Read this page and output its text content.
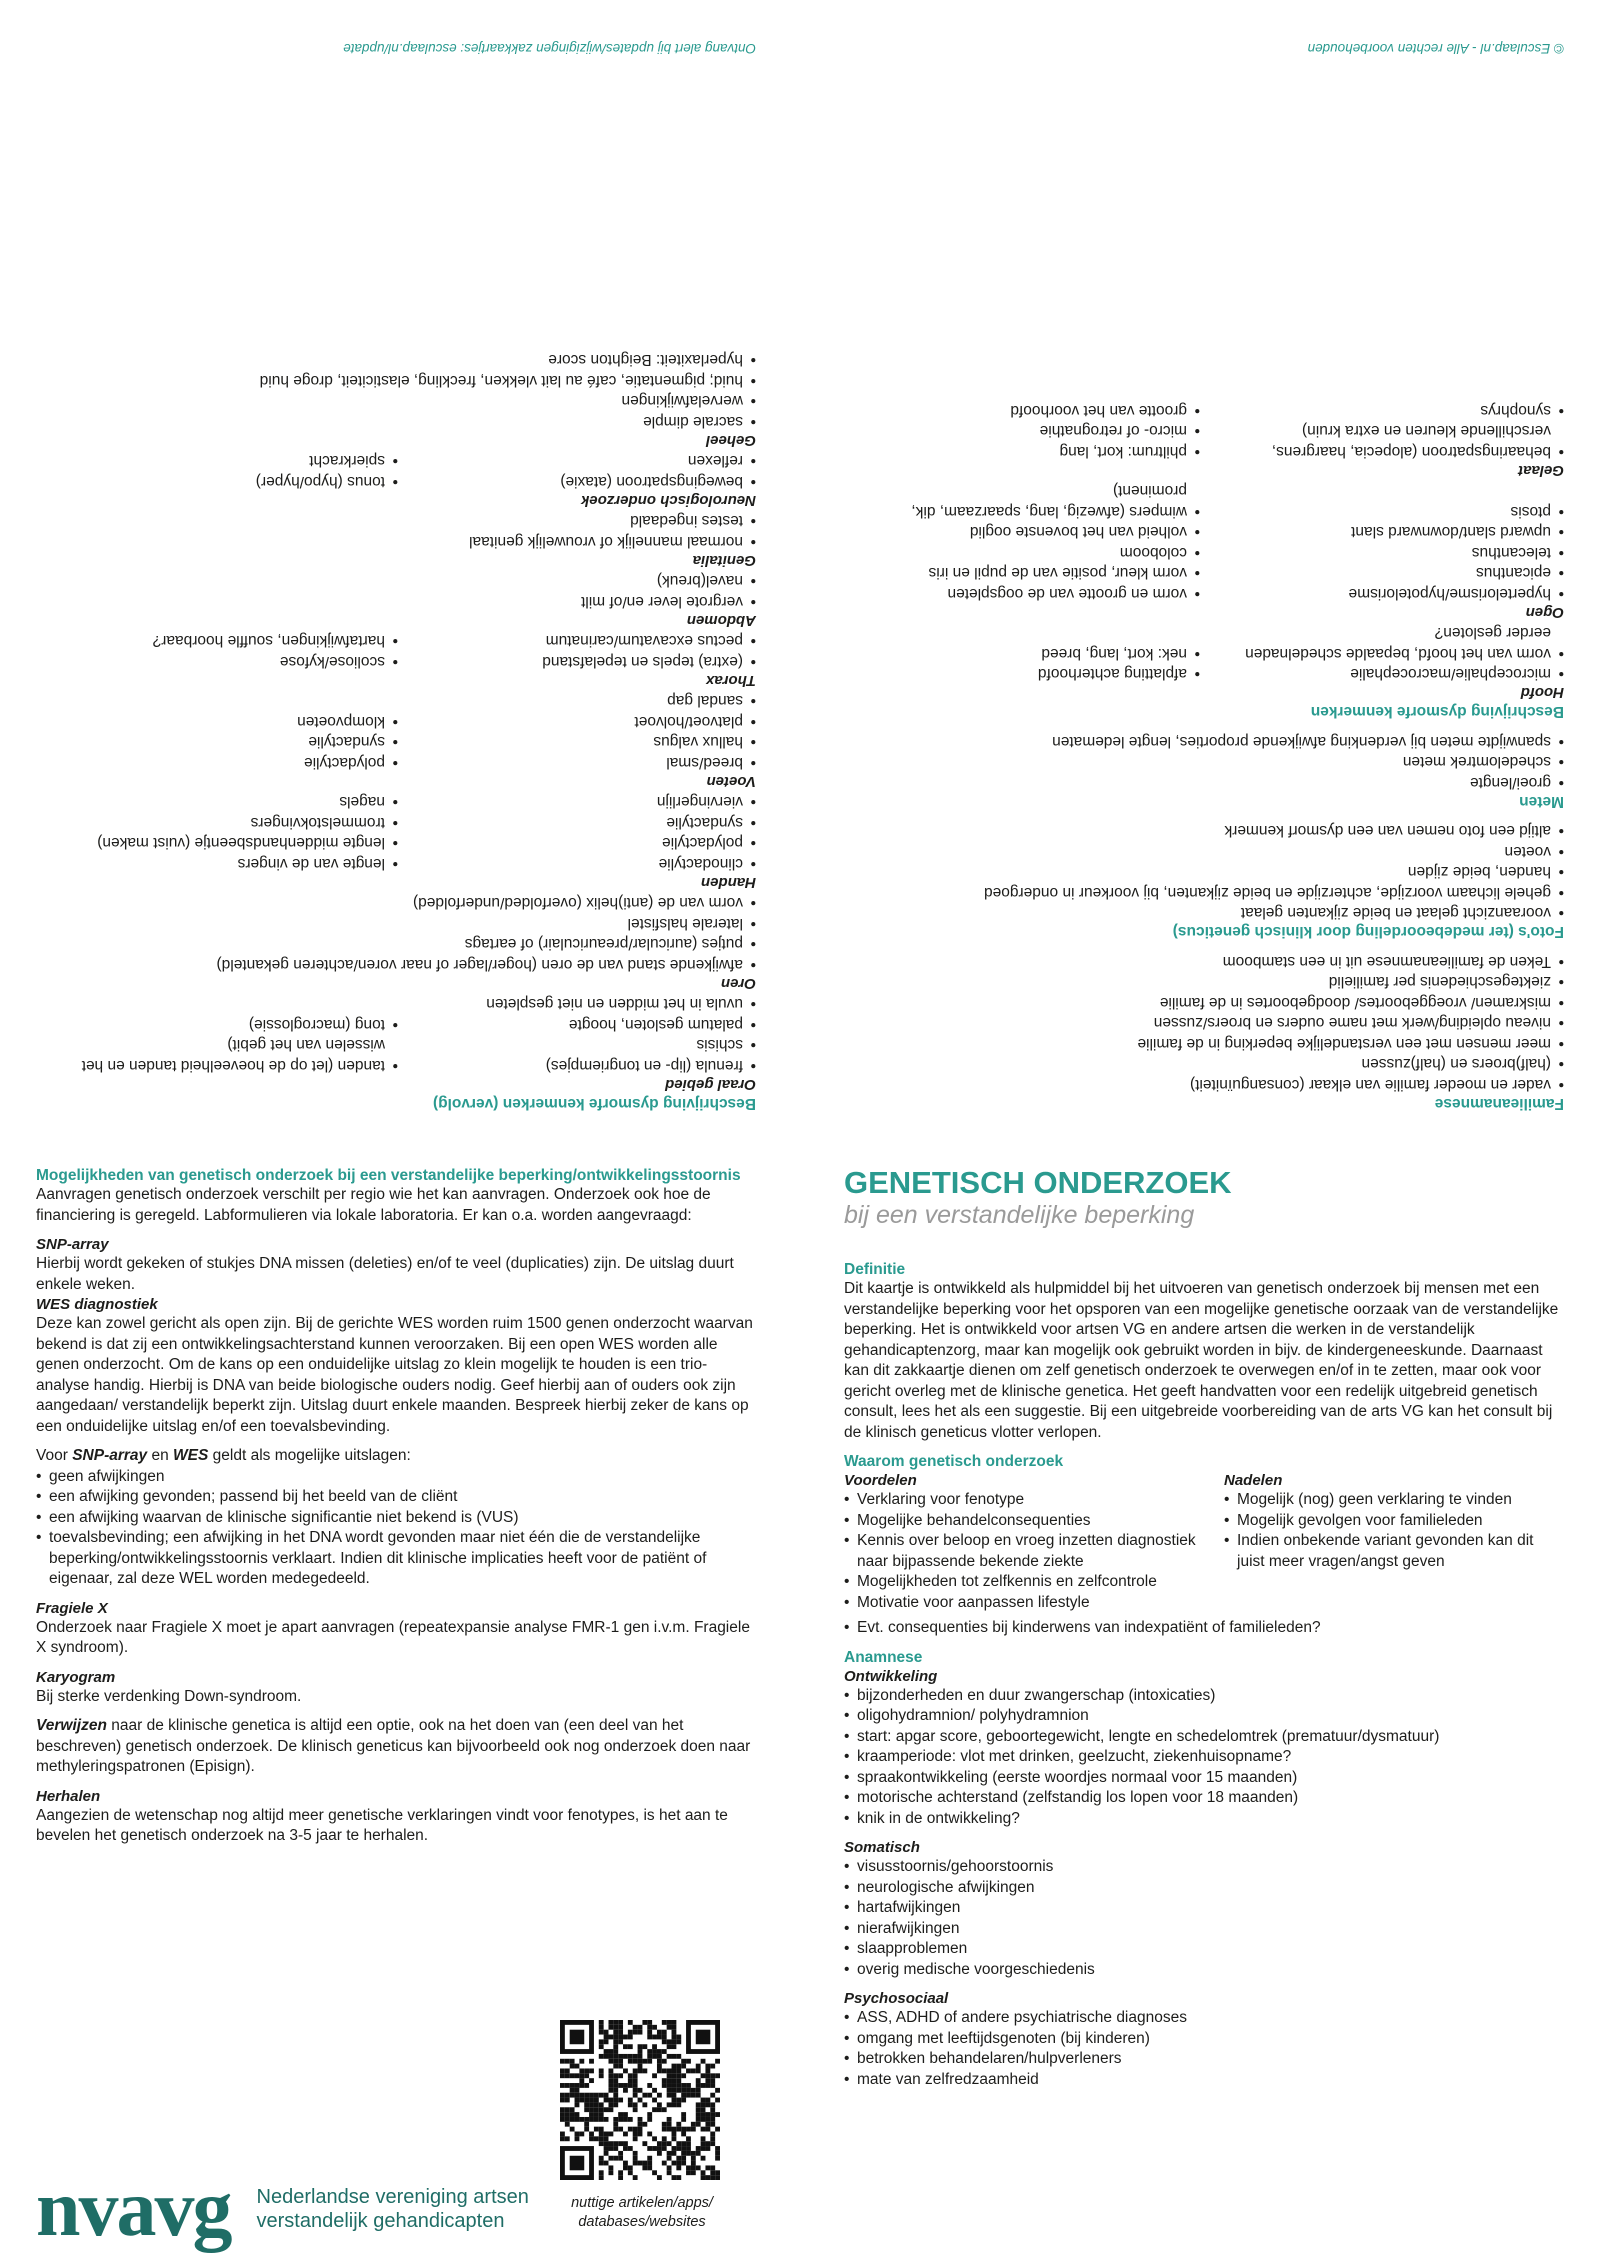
Familieanamnese

• vader en moeder familie van elkaar (consanguïniteit)
• (half)broers en (half)zussen
• meer mensen met een verstandelijke beperking in de familie
• niveau opleiding/werk met name ouders en broers/zussen
• miskramen/ vroeggeboortes/ doodgeboortes in de familie
• ziektegeschiedenis per familielid
• Teken de familieanamnese uit in een stamboom

Foto's (ter medebeoordeling door klinisch geneticus)

• vooraanzicht gelaat en beide zijkanten gelaat
• gehele lichaam voorzijde, achterzijde en beide zijkanten, bij voorkeur in ondergoed
• handen, beide zijden
• voeten
• altijd een foto nemen van een dysmorf kenmerk

Meten

• groei/lengte
• schedelomtrek meten
• spanwijdte meten bij verdenking afwijkende proporties, lengte ledematen

Beschrijving dysmorfe kenmerken

Hoofd

• microcephalie/macrocephalie
• vorm van het hoofd, bepaalde schedelnaden eerder gesloten?
• afplatting achterhoofd
• nek: kort, lang, breed

Ogen

• hypertelorisme/hypotelorisme
• epicanthus
• telecanthus
• upward slant/downward slant
• ptosis
• vorm en grootte van de oogspleten
• vorm kleur, positie van de pupil en iris
• coloboom
• volheid van het bovenste ooglid
• wimpers (afwezig, lang, spaarzaam, dik, prominent)

Gelaat

• behaaringspatroon (alopecia, haargrens, verschillende kleuren en extra kruin)
• synophrys
• philtrum: kort, lang
• micro- of retrognathie
• grootte van het voorhoofd
© Esculaap.nl - Alle rechten voorbehouden

Beschrijving dysmorfe kenmerken (vervolg)

Oraal gebied

• frenula (lip- en tongriempjes)
• schisis
• palatum gesloten, hoogte
• uvula in het midden en niet gespleten
• tanden (let op de hoeveelheid tanden en het wisselen van het gebit)
• tong (macroglossie)

Oren

• afwijkende stand van de oren (hoger/lager of naar voren/achteren gekanteld)
• putjes (auricular/preauriculair) of eartags
• laterale halsfistel
• vorm van de (anti)helix (overfolded/underfolded)

Handen

• clinodactylie
• polydactylie
• syndactylie
• viervingerlijn
• lengte van de vingers
• lengte middenhandsbeentje (vuist maken)
• trommelstokvingers
• nagels

Voeten

• breed/smal
• hallux valgus
• platvoet/holvoet
• sandal gap
• polydactylie
• syndactylie
• klompvoeten

Thorax

• (extra) tepels en tepelafstand
• pectus excavatum/carinatum
• scoliose/kyfose
• hartafwijkingen, souffle hoorbaar?

Abdomen

• vergrote lever en/of milt
• navel(breuk)

Genitalia

• normaal mannelijk of vrouwelijk genitaal
• testes ingedaald

Neurologisch onderzoek

• bewegingspatroon (ataxie)
• reflexen
• tonus (hypo/hyper)
• spierkracht

Geheel

• sacrale dimple
• wervelafwijkingen
• huid; pigmentatie, café au lait vlekken, freckling, elasticiteit, droge huid
• hyperlaxiteit: Beighton score
Ontvang alert bij updates/wijzigingen zakkaartjes: esculaap.nl/update

Mogelijkheden van genetisch onderzoek bij een verstandelijke beperking/ontwikkelingsstoornis

Aanvragen genetisch onderzoek verschilt per regio wie het kan aanvragen. Onderzoek ook hoe de financiering is geregeld. Labformulieren via lokale laboratoria. Er kan o.a. worden aangevraagd:

SNP-array

Hierbij wordt gekeken of stukjes DNA missen (deleties) en/of te veel (duplicaties) zijn. De uitslag duurt enkele weken.

WES diagnostiek

Deze kan zowel gericht als open zijn. Bij de gerichte WES worden ruim 1500 genen onderzocht waarvan bekend is dat zij een ontwikkelingsachterstand kunnen veroorzaken. Bij een open WES worden alle genen onderzocht. Om de kans op een onduidelijke uitslag zo klein mogelijk te houden is een trio-analyse handig. Hierbij is DNA van beide biologische ouders nodig. Geef hierbij aan of ouders ook zijn aangedaan/ verstandelijk beperkt zijn. Uitslag duurt enkele maanden. Bespreek hierbij zeker de kans op een onduidelijke uitslag en/of een toevalsbevinding.

Voor SNP-array en WES geldt als mogelijke uitslagen:

• geen afwijkingen
• een afwijking gevonden; passend bij het beeld van de cliënt
• een afwijking waarvan de klinische significantie niet bekend is (VUS)
• toevalsbevinding; een afwijking in het DNA wordt gevonden maar niet één die de verstandelijke beperking/ontwikkelingsstoornis verklaart. Indien dit klinische implicaties heeft voor de patiënt of eigenaar, zal deze WEL worden medegedeeld.

Fragiele X

Onderzoek naar Fragiele X moet je apart aanvragen (repeatexpansie analyse FMR-1 gen i.v.m. Fragiele X syndroom).

Karyogram

Bij sterke verdenking Down-syndroom.

Verwijzen naar de klinische genetica is altijd een optie, ook na het doen van (een deel van het beschreven) genetisch onderzoek. De klinisch geneticus kan bijvoorbeeld ook nog onderzoek doen naar methyleringspatronen (Episign).

Herhalen

Aangezien de wetenschap nog altijd meer genetische verklaringen vindt voor fenotypes, is het aan te bevelen het genetisch onderzoek na 3-5 jaar te herhalen.

nuttige artikelen/apps/ databases/websites
nvavg Nederlandse vereniging artsen
verstandelijk gehandicapten

GENETISCH ONDERZOEK

bij een verstandelijke beperking

Definitie

Dit kaartje is ontwikkeld als hulpmiddel bij het uitvoeren van genetisch onderzoek bij mensen met een verstandelijke beperking voor het opsporen van een mogelijke genetische oorzaak van de verstandelijke beperking. Het is ontwikkeld voor artsen VG en andere artsen die werken in de verstandelijk gehandicaptenzorg, maar kan mogelijk ook gebruikt worden in bijv. de kindergeneeskunde. Daarnaast kan dit zakkaartje dienen om zelf genetisch onderzoek te overwegen en/of in te zetten, maar ook voor gericht overleg met de klinische genetica. Het geeft handvatten voor een redelijk uitgebreid genetisch consult, lees het als een suggestie. Bij een uitgebreide voorbereiding van de arts VG kan het consult bij de klinisch geneticus vlotter verlopen.

Waarom genetisch onderzoek

Voordelen

• Verklaring voor fenotype
• Mogelijke behandelconsequenties
• Kennis over beloop en vroeg inzetten diagnostiek naar bijpassende bekende ziekte
• Mogelijkheden tot zelfkennis en zelfcontrole
• Motivatie voor aanpassen lifestyle

Nadelen

• Mogelijk (nog) geen verklaring te vinden
• Mogelijk gevolgen voor familieleden
• Indien onbekende variant gevonden kan dit juist meer vragen/angst geven
• Evt. consequenties bij kinderwens van indexpatiënt of familieleden?

Anamnese

Ontwikkeling

• bijzonderheden en duur zwangerschap (intoxicaties)
• oligohydramnion/ polyhydramnion
• start: apgar score, geboortegewicht, lengte en schedelomtrek (prematuur/dysmatuur)
• kraamperiode: vlot met drinken, geelzucht, ziekenhuisopname?
• spraakontwikkeling (eerste woordjes normaal voor 15 maanden)
• motorische achterstand (zelfstandig los lopen voor 18 maanden)
• knik in de ontwikkeling?

Somatisch

• visusstoornis/gehoorstoornis
• neurologische afwijkingen
• hartafwijkingen
• nierafwijkingen
• slaapproblemen
• overig medische voorgeschiedenis

Psychosociaal

• ASS, ADHD of andere psychiatrische diagnoses
• omgang met leeftijdsgenoten (bij kinderen)
• betrokken behandelaren/hulpverleners
• mate van zelfredzaamheid
